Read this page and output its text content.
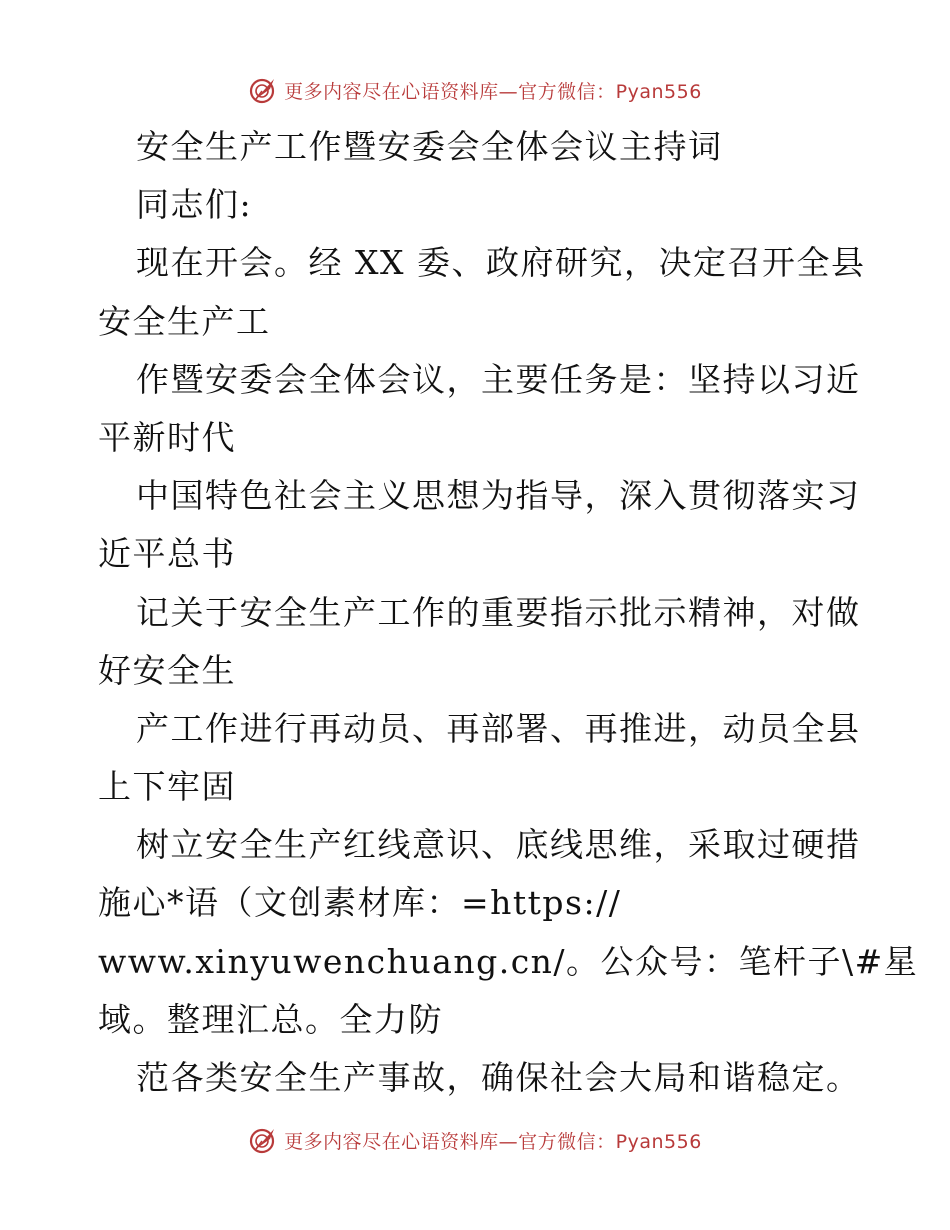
更多内容尽在心语资料库—官方微信：Pyan556
安全生产工作暨安委会全体会议主持词
同志们:
现在开会。经 XX 委、政府研究，决定召开全县
安全生产工
作暨安委会全体会议，主要任务是：坚持以习近
平新时代
中国特色社会主义思想为指导，深入贯彻落实习
近平总书
记关于安全生产工作的重要指示批示精神，对做
好安全生
产工作进行再动员、再部署、再推进，动员全县
上下牢固
树立安全生产红线意识、底线思维，采取过硬措
施心*语（文创素材库：=https://
www.xinyuwenchuang.cn/。公众号：笔杆子\#星
域。整理汇总。全力防
范各类安全生产事故，确保社会大局和谐稳定。
更多内容尽在心语资料库—官方微信：Pyan556
